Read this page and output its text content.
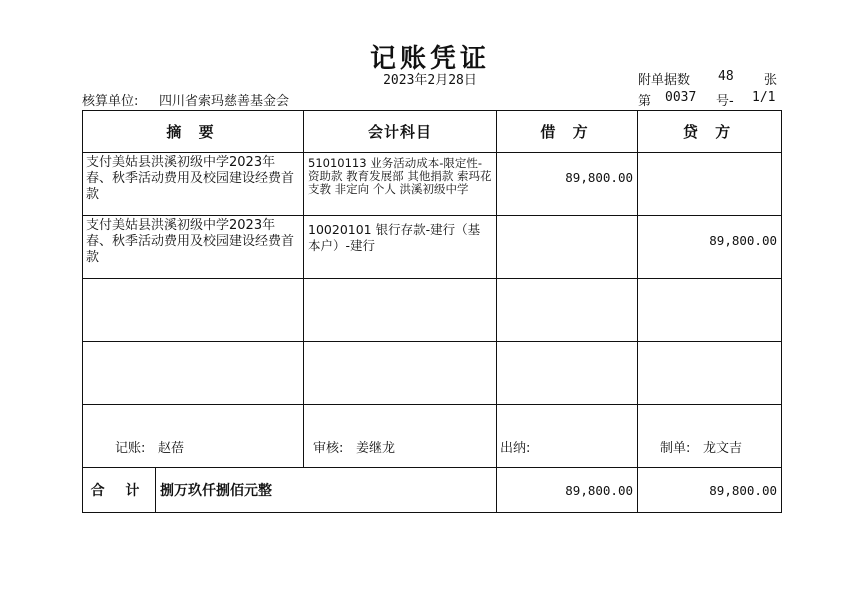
记账凭证
2023年2月28日	附单据数 48 张
核算单位: 四川省索玛慈善基金会	第 0037 号- 1/1
摘 要		会计科目	借 方	贷 方
支付美姑县洪溪初级中学2023年春、秋季活动费用及校园建设经费首款		51010113 业务活动成本-限定性-资助款 教育发展部 其他捐款 索玛花支教 非定向 个人 洪溪初级中学	89,800.00	
支付美姑县洪溪初级中学2023年春、秋季活动费用及校园建设经费首款		10020101 银行存款-建行（基本户）-建行		89,800.00

合 计	捌万玖仟捌佰元整		89,800.00	89,800.00
记账: 赵蓓	审核: 姜继龙	出纳:	制单: 龙文吉
